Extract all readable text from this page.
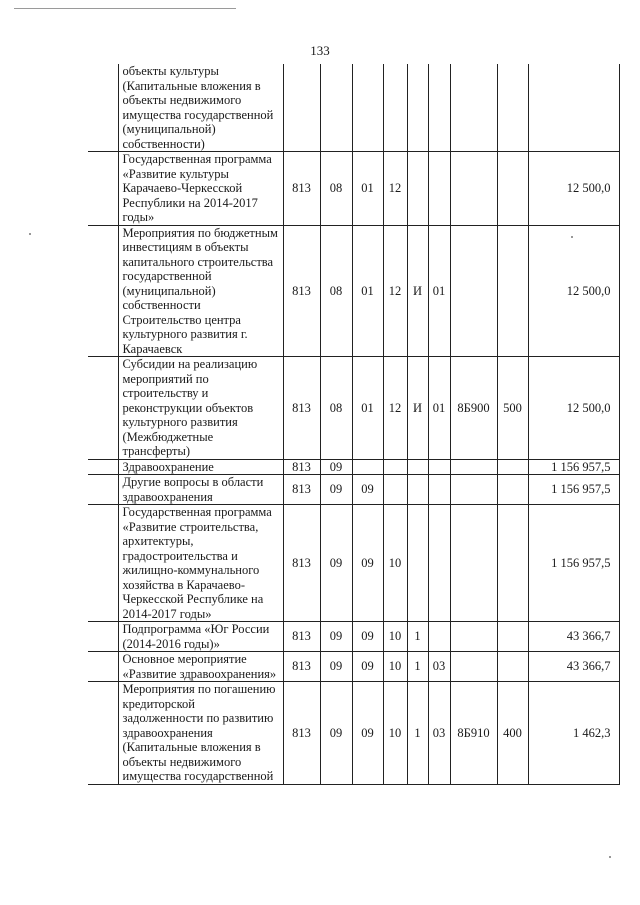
133
	объекты культуры (Капитальные вложения в объекты недвижимого имущества государственной (муниципальной) собственности)									
	Государственная программа «Развитие культуры Карачаево-Черкесской Республики на 2014-2017 годы»	813	08	01	12					12 500,0
	Мероприятия по бюджетным инвестициям в объекты капитального строительства государственной (муниципальной) собственности Строительство центра культурного развития г. Карачаевск	813	08	01	12	И	01			12 500,0
	Субсидии на реализацию мероприятий по строительству и реконструкции объектов культурного развития (Межбюджетные трансферты)	813	08	01	12	И	01	8Б900	500	12 500,0
	Здравоохранение	813	09							1 156 957,5
	Другие вопросы в области здравоохранения	813	09	09						1 156 957,5
	Государственная программа «Развитие строительства, архитектуры, градостроительства и жилищно-коммунального хозяйства в Карачаево-Черкесской Республике на 2014-2017 годы»	813	09	09	10					1 156 957,5
	Подпрограмма «Юг России (2014-2016 годы)»	813	09	09	10	1				43 366,7
	Основное мероприятие «Развитие здравоохранения»	813	09	09	10	1	03			43 366,7
	Мероприятия по погашению кредиторской задолженности по развитию здравоохранения (Капитальные вложения в объекты недвижимого имущества государственной	813	09	09	10	1	03	8Б910	400	1 462,3
